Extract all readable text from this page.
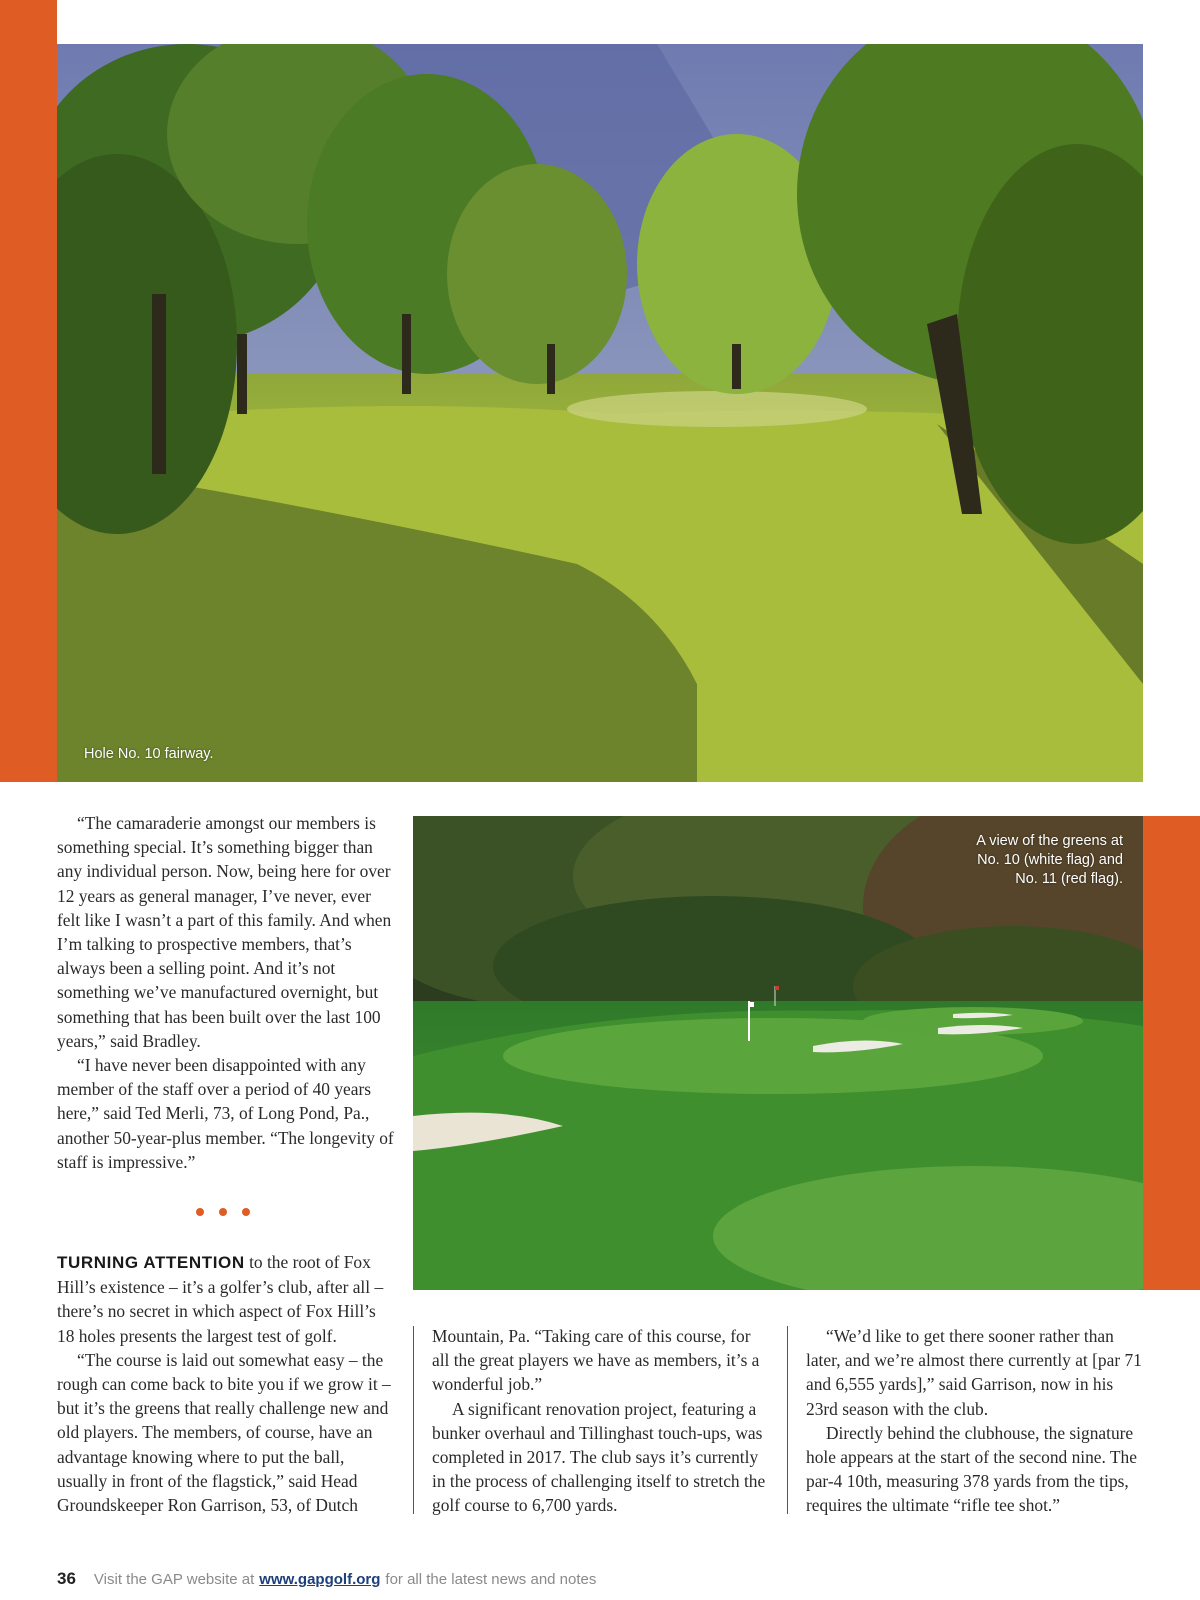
Hole No. 10 fairway.
A view of the greens at
No. 10 (white flag) and
No. 11 (red flag).

“The camaraderie amongst our members is something special. It’s something bigger than any individual person. Now, being here for over 12 years as general manager, I’ve never, ever felt like I wasn’t a part of this family. And when I’m talking to prospective members, that’s always been a selling point. And it’s not something we’ve manufactured overnight, but something that has been built over the last 100 years,” said Bradley.

“I have never been disappointed with any member of the staff over a period of 40 years here,” said Ted Merli, 73, of Long Pond, Pa., another 50-year-plus member. “The longevity of staff is impressive.”

TURNING ATTENTION to the root of Fox Hill’s existence – it’s a golfer’s club, after all – there’s no secret in which aspect of Fox Hill’s 18 holes presents the largest test of golf.

“The course is laid out somewhat easy – the rough can come back to bite you if we grow it – but it’s the greens that really challenge new and old players. The members, of course, have an advantage knowing where to put the ball, usually in front of the flagstick,” said Head Groundskeeper Ron Garrison, 53, of Dutch

Mountain, Pa. “Taking care of this course, for all the great players we have as members, it’s a wonderful job.”

A significant renovation project, featuring a bunker overhaul and Tillinghast touch-ups, was completed in 2017. The club says it’s currently in the process of challenging itself to stretch the golf course to 6,700 yards.

“We’d like to get there sooner rather than later, and we’re almost there currently at [par 71 and 6,555 yards],” said Garrison, now in his 23rd season with the club.

Directly behind the clubhouse, the signature hole appears at the start of the second nine. The par-4 10th, measuring 378 yards from the tips, requires the ultimate “rifle tee shot.”

36 Visit the GAP website at www.gapgolf.org for all the latest news and notes
